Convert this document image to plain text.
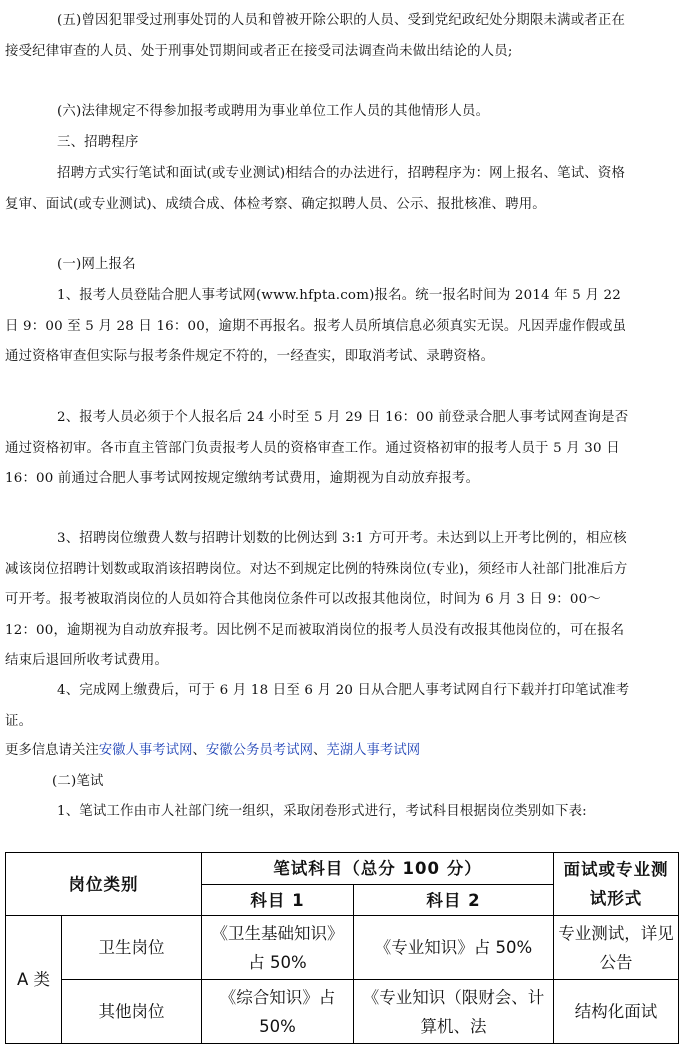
(五)曾因犯罪受过刑事处罚的人员和曾被开除公职的人员、受到党纪政纪处分期限未满或者正在接受纪律审查的人员、处于刑事处罚期间或者正在接受司法调查尚未做出结论的人员;

(六)法律规定不得参加报考或聘用为事业单位工作人员的其他情形人员。

三、招聘程序

招聘方式实行笔试和面试(或专业测试)相结合的办法进行，招聘程序为：网上报名、笔试、资格复审、面试(或专业测试)、成绩合成、体检考察、确定拟聘人员、公示、报批核准、聘用。

(一)网上报名

1、报考人员登陆合肥人事考试网(www.hfpta.com)报名。统一报名时间为 2014 年 5 月 22 日 9：00 至 5 月 28 日 16：00，逾期不再报名。报考人员所填信息必须真实无误。凡因弄虚作假或虽通过资格审查但实际与报考条件规定不符的，一经查实，即取消考试、录聘资格。

2、报考人员必须于个人报名后 24 小时至 5 月 29 日 16：00 前登录合肥人事考试网查询是否通过资格初审。各市直主管部门负责报考人员的资格审查工作。通过资格初审的报考人员于 5 月 30 日 16：00 前通过合肥人事考试网按规定缴纳考试费用，逾期视为自动放弃报考。

3、招聘岗位缴费人数与招聘计划数的比例达到 3:1 方可开考。未达到以上开考比例的，相应核减该岗位招聘计划数或取消该招聘岗位。对达不到规定比例的特殊岗位(专业)，须经市人社部门批准后方可开考。报考被取消岗位的人员如符合其他岗位条件可以改报其他岗位，时间为 6 月 3 日 9：00～12：00，逾期视为自动放弃报考。因比例不足而被取消岗位的报考人员没有改报其他岗位的，可在报名结束后退回所收考试费用。

4、完成网上缴费后，可于 6 月 18 日至 6 月 20 日从合肥人事考试网自行下载并打印笔试准考证。

更多信息请关注安徽人事考试网、安徽公务员考试网、芜湖人事考试网

(二)笔试

1、笔试工作由市人社部门统一组织，采取闭卷形式进行，考试科目根据岗位类别如下表:

岗位类别		笔试科目（总分 100 分）		面试或专业测试形式
		科目 1	科目 2	
A 类	卫生岗位	《卫生基础知识》占 50%	《专业知识》占 50%	专业测试，详见公告
	其他岗位	《综合知识》占 50%	《专业知识（限财会、计算机、法	结构化面试
